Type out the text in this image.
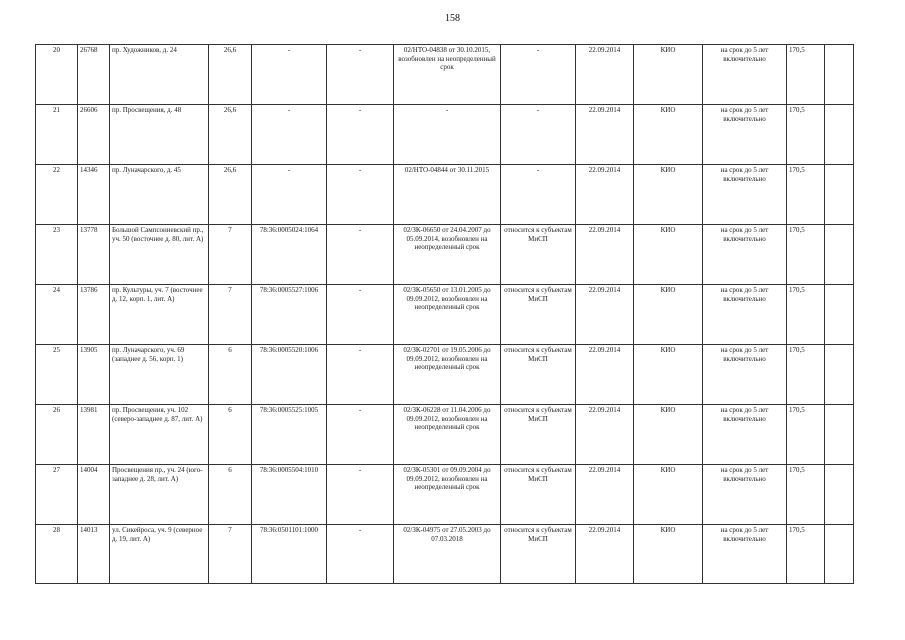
158
20	26768	пр. Художников, д. 24	26,6	-	-	02/НТО-04838 от 30.10.2015, возобновлен на неопределенный срок	-	22.09.2014	КИО	на срок до 5 лет включительно	170,5	
21	26606	пр. Просвещения, д. 48	26,6	-	-	-	-	22.09.2014	КИО	на срок до 5 лет включительно	170,5	
22	14346	пр. Луначарского, д. 45	26,6	-	-	02/НТО-04844 от 30.11.2015	-	22.09.2014	КИО	на срок до 5 лет включительно	170,5	
23	13778	Большой Сампсониевский пр., уч. 50 (восточнее д. 80, лит. А)	7	78:36:0005024:1064	-	02/ЗК-06650 от 24.04.2007 до 05.09.2014, возобновлен на неопределенный срок	относится к субъектам МиСП	22.09.2014	КИО	на срок до 5 лет включительно	170,5	
24	13786	пр. Культуры, уч. 7 (восточнее д. 12, корп. 1, лит. А)	7	78:36:0005527:1006	-	02/ЗК-05650 от 13.01.2005 до 09.09.2012, возобновлен на неопределенный срок	относится к субъектам МиСП	22.09.2014	КИО	на срок до 5 лет включительно	170,5	
25	13905	пр. Луначарского, уч. 69 (западнее д. 56, корп. 1)	6	78:36:0005520:1006	-	02/ЗК-02701 от 19.05.2006 до 09.09.2012, возобновлен на неопределенный срок	относится к субъектам МиСП	22.09.2014	КИО	на срок до 5 лет включительно	170,5	
26	13981	пр. Просвещения, уч. 102 (северо-западнее д. 87, лит. А)	6	78:36:0005525:1005	-	02/ЗК-06228 от 11.04.2006 до 09.09.2012, возобновлен на неопределенный срок	относится к субъектам МиСП	22.09.2014	КИО	на срок до 5 лет включительно	170,5	
27	14004	Просвещения пр., уч. 24 (юго-западнее д. 28, лит. А)	6	78:36:0005504:1010	-	02/ЗК-05301 от 09.09.2004 до 09.09.2012, возобновлен на неопределенный срок	относится к субъектам МиСП	22.09.2014	КИО	на срок до 5 лет включительно	170,5	
28	14013	ул. Сикейроса, уч. 9 (северное д. 19, лит. А)	7	78:36:0501101:1000	-	02/ЗК-04975 от 27.05.2003 до 07.03.2018	относится к субъектам МиСП	22.09.2014	КИО	на срок до 5 лет включительно	170,5	
